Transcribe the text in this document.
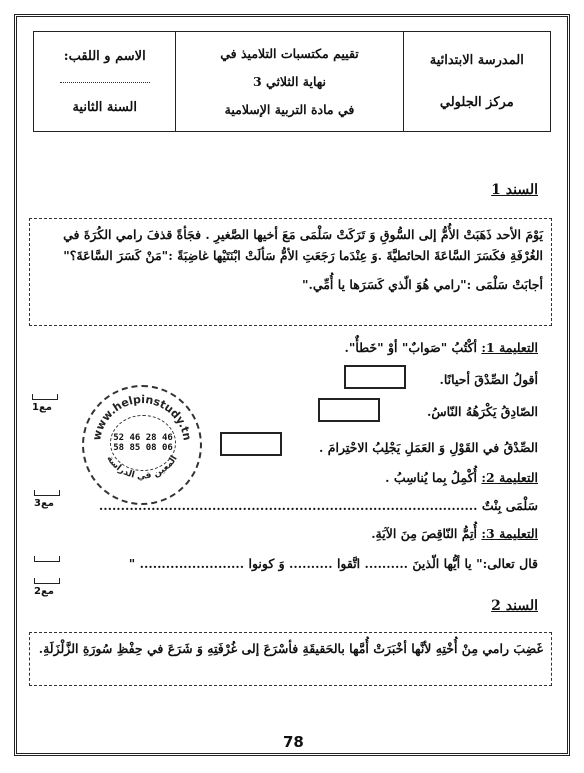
المدرسة الابتدائية
مركز الجلولي
تقييم مكتسبات التلاميذ في
نهاية الثلاثي 3
في مادة التربية الإسلامية
الاسم و اللقب:
السنة الثانية
السند 1
يَوْمَ الأحد ذَهَبَتْ الأُمُّ إلى السُّوقِ وَ تَرَكَتْ سَلْمَى مَعَ أخيها الصَّغيرِ . فجَأةً قذفَ رامي الكُرَةَ في الغُرْفَةِ فكَسَرَ السَّاعَةَ الحائطيَّةَ .وَ عِنْدَما رَجَعَتِ الأمُّ سَألَتْ ابْنَتَيْها غاضِبَةً :"مَنْ كَسَرَ السَّاعَةَ؟"
أجابَتْ سَلْمَى :"رامي هُوَ الّذي كَسَرَها يا أُمِّي."
التعليمة 1: أكْتُبُ "صَوابٌ" أوْ "خَطأٌ".
أقولُ الصِّدْقَ أحيانًا.
الصّادِقُ يَكْرَهُهُ النّاسُ.
الصِّدْقُ في القَوْلِ وَ العَمَلِ يَجْلِبُ الاحْتِرامَ .
التعليمة 2: أُكْمِلُ بِما يُناسِبُ .
سَلْمَى بِنْتٌ .......................................................................................
التعليمة 3: أُتِمُّ النّاقِصَ مِنَ الآيَةِ.
قال تعالى:" يا أيُّها الّذينَ .......... اتَّقوا .......... وَ كونوا ........................ "
السند 2
غَضِبَ رامي مِنْ أُخْتِهِ لأنَّها أخْبَرَتْ أُمَّها بالحَقيقَةِ فأسْرَعَ إلى غُرْفَتِهِ وَ شَرَعَ في حِفْظِ سُورَةِ الزَّلْزَلَةِ.
مع1
مع3
مع2
www.helpinstudy.tn
المعين في الدراسة
52 46 28 46
58 85 08 06
78
